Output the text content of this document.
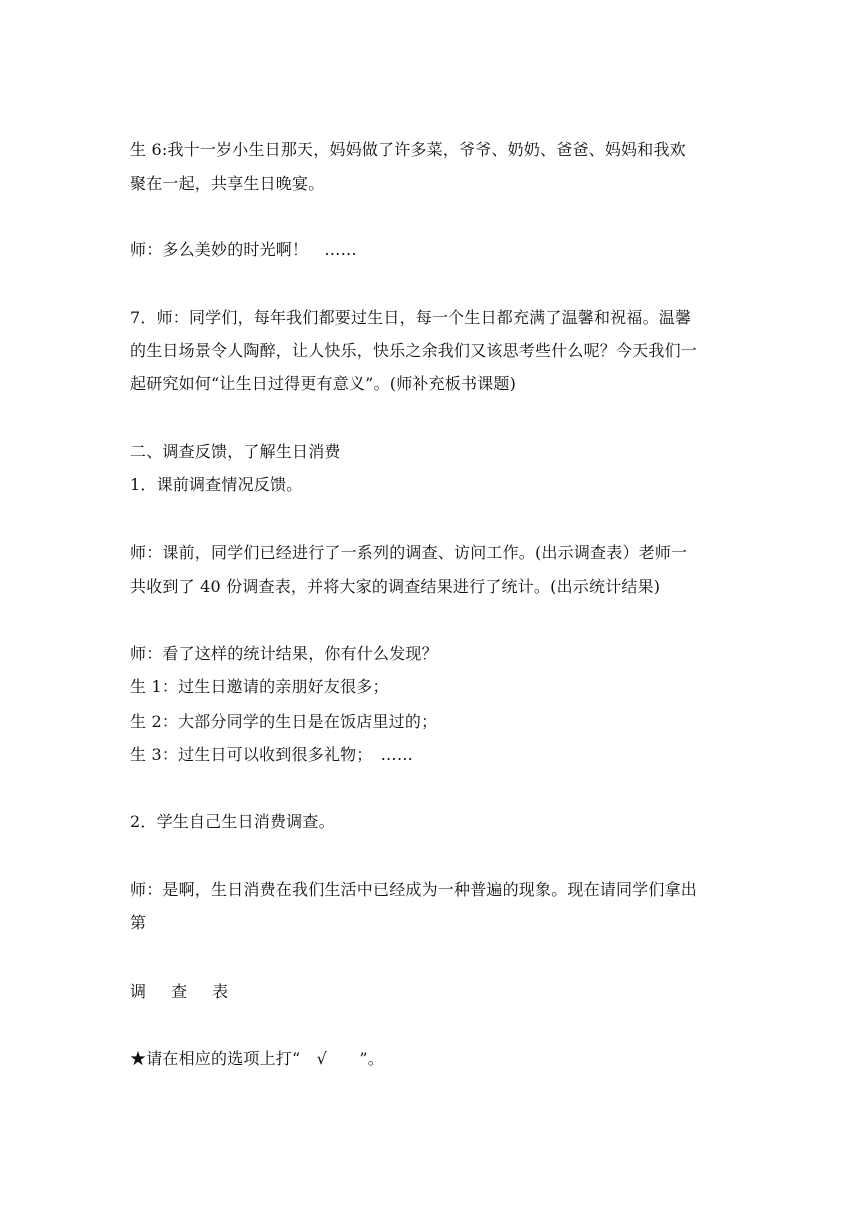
生 6:我十一岁小生日那天，妈妈做了许多菜，爷爷、奶奶、爸爸、妈妈和我欢
聚在一起，共享生日晚宴。
师：多么美妙的时光啊！　……
7．师：同学们，每年我们都要过生日，每一个生日都充满了温馨和祝福。温馨
的生日场景令人陶醉，让人快乐，快乐之余我们又该思考些什么呢？今天我们一
起研究如何“让生日过得更有意义”。(师补充板书课题)
二、调查反馈，了解生日消费
1．课前调查情况反馈。
师：课前，同学们已经进行了一系列的调查、访问工作。(出示调查表）老师一
共收到了 40 份调查表，并将大家的调查结果进行了统计。(出示统计结果)
师：看了这样的统计结果，你有什么发现？
生 1：过生日邀请的亲朋好友很多；
生 2：大部分同学的生日是在饭店里过的；
生 3：过生日可以收到很多礼物；　……
2．学生自己生日消费调查。
师：是啊，生日消费在我们生活中已经成为一种普遍的现象。现在请同学们拿出
第
调 查 表
★请在相应的选项上打“　√　　”。
